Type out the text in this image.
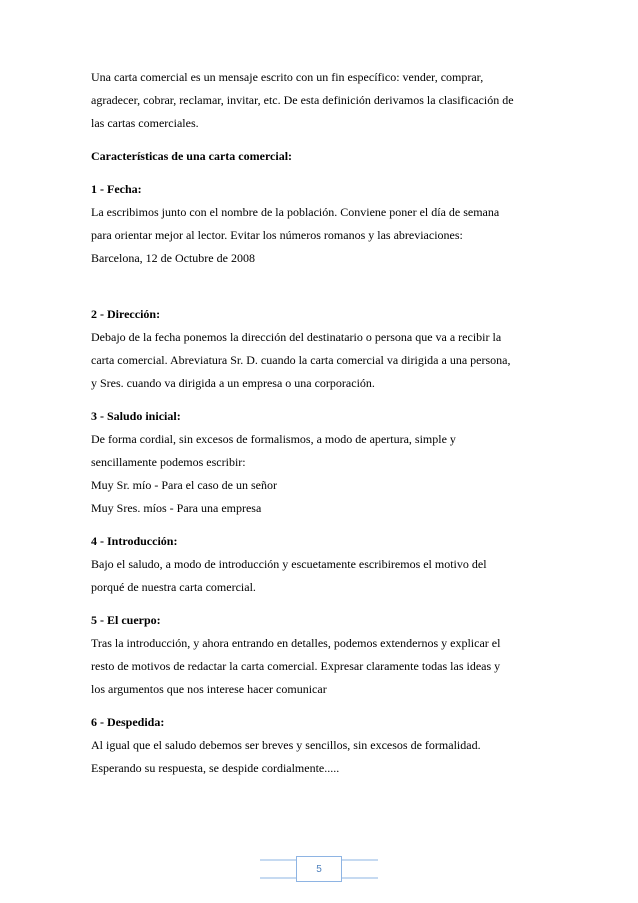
Una carta comercial es un mensaje escrito con un fin específico: vender, comprar,

agradecer, cobrar, reclamar, invitar, etc. De esta definición derivamos la clasificación de

las cartas comerciales.

Características de una carta comercial:

1 - Fecha:

La escribimos junto con el nombre de la población. Conviene poner el día de semana

para orientar mejor al lector. Evitar los números romanos y las abreviaciones:

Barcelona, 12 de Octubre de 2008

2 - Dirección:

Debajo de la fecha ponemos la dirección del destinatario o persona que va a recibir la

carta comercial. Abreviatura Sr. D. cuando la carta comercial va dirigida a una persona,

y Sres. cuando va dirigida a un empresa o una corporación.

3 - Saludo inicial:

De forma cordial, sin excesos de formalismos, a modo de apertura, simple y

sencillamente podemos escribir:

Muy Sr. mío - Para el caso de un señor

Muy Sres. míos - Para una empresa

4 - Introducción:

Bajo el saludo, a modo de introducción y escuetamente escribiremos el motivo del

porqué de nuestra carta comercial.

5 - El cuerpo:

Tras la introducción, y ahora entrando en detalles, podemos extendernos y explicar el

resto de motivos de redactar la carta comercial. Expresar claramente todas las ideas y

los argumentos que nos interese hacer comunicar

6 - Despedida:

Al igual que el saludo debemos ser breves y sencillos, sin excesos de formalidad.

Esperando su respuesta, se despide cordialmente.....

5
